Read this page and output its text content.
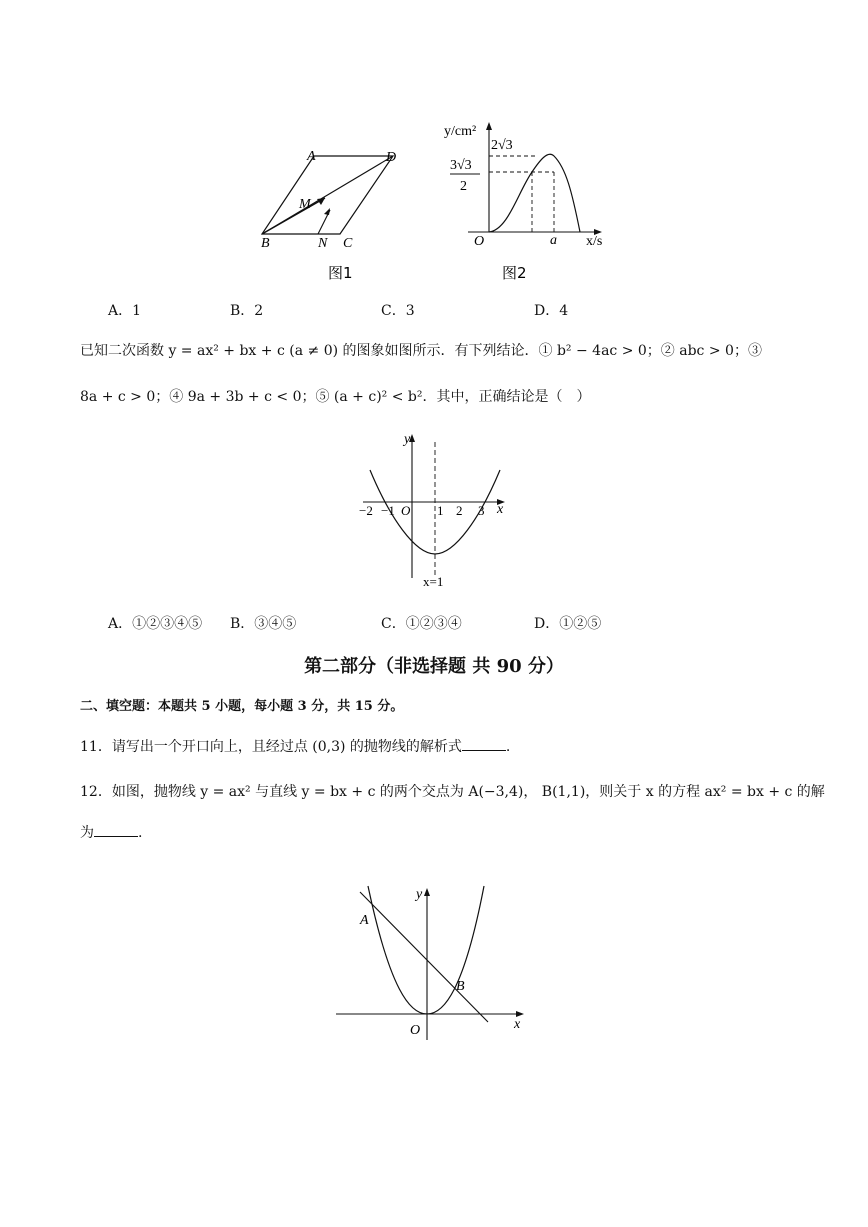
A	D
M
B	N C
图1
y/cm²
2√3
3√3
2
O	a x/s
图2
A．1	B．2	C．3	D．4
已知二次函数 y = ax² + bx + c (a ≠ 0) 的图象如图所示．有下列结论．① b² − 4ac > 0；② abc > 0；③
8a + c > 0；④ 9a + 3b + c < 0；⑤ (a + c)² < b²．其中，正确结论是（　）
y
x
−2 −1 O 1 2 3
x=1
A．①②③④⑤ B．③④⑤	C．①②③④	D．①②⑤
第二部分（非选择题 共 90 分）
二、填空题：本题共 5 小题，每小题 3 分，共 15 分。
11．请写出一个开口向上，且经过点 (0,3) 的抛物线的解析式	.
12．如图，抛物线 y = ax² 与直线 y = bx + c 的两个交点为 A(−3,4)， B(1,1)，则关于 x 的方程 ax² = bx + c 的解
为	.
A
B
y
x
O
